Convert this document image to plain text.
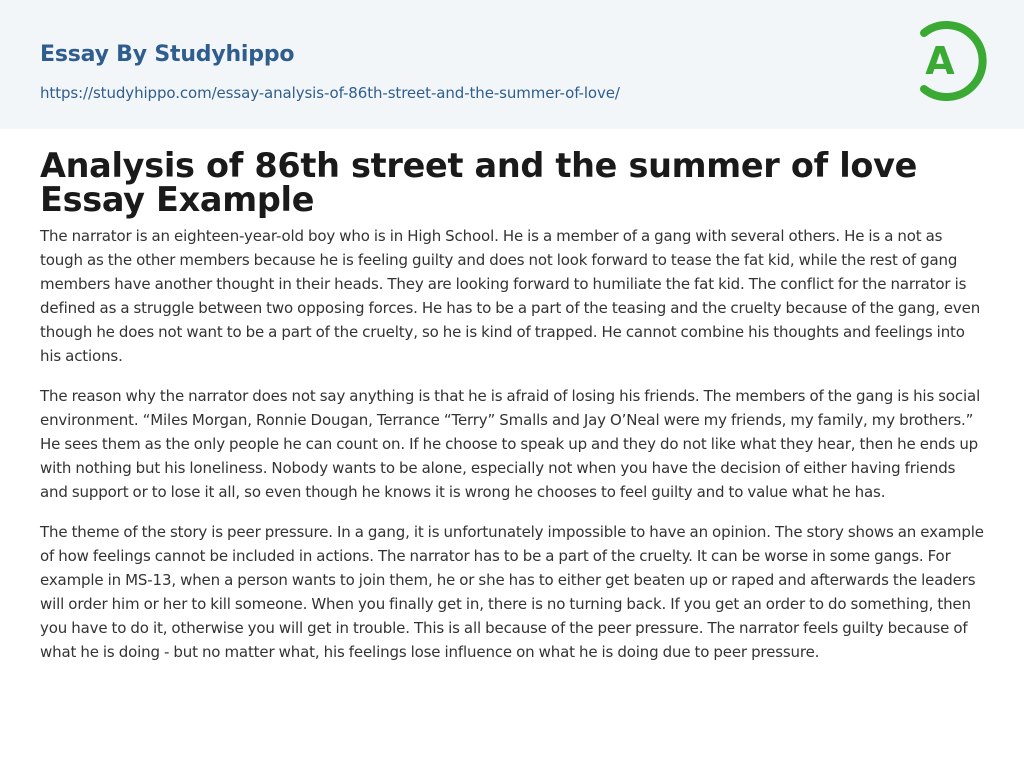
Essay By Studyhippo
https://studyhippo.com/essay-analysis-of-86th-street-and-the-summer-of-love/
A
Analysis of 86th street and the summer of love Essay Example

The narrator is an eighteen-year-old boy who is in High School. He is a member of a gang with several others. He is a not as tough as the other members because he is feeling guilty and does not look forward to tease the fat kid, while the rest of gang members have another thought in their heads. They are looking forward to humiliate the fat kid. The conflict for the narrator is defined as a struggle between two opposing forces. He has to be a part of the teasing and the cruelty because of the gang, even though he does not want to be a part of the cruelty, so he is kind of trapped. He cannot combine his thoughts and feelings into his actions.

The reason why the narrator does not say anything is that he is afraid of losing his friends. The members of the gang is his social environment. “Miles Morgan, Ronnie Dougan, Terrance “Terry” Smalls and Jay O’Neal were my friends, my family, my brothers.” He sees them as the only people he can count on. If he choose to speak up and they do not like what they hear, then he ends up with nothing but his loneliness. Nobody wants to be alone, especially not when you have the decision of either having friends and support or to lose it all, so even though he knows it is wrong he chooses to feel guilty and to value what he has.

The theme of the story is peer pressure. In a gang, it is unfortunately impossible to have an opinion. The story shows an example of how feelings cannot be included in actions. The narrator has to be a part of the cruelty. It can be worse in some gangs. For example in MS-13, when a person wants to join them, he or she has to either get beaten up or raped and afterwards the leaders will order him or her to kill someone. When you finally get in, there is no turning back. If you get an order to do something, then you have to do it, otherwise you will get in trouble. This is all because of the peer pressure. The narrator feels guilty because of what he is doing - but no matter what, his feelings lose influence on what he is doing due to peer pressure.
